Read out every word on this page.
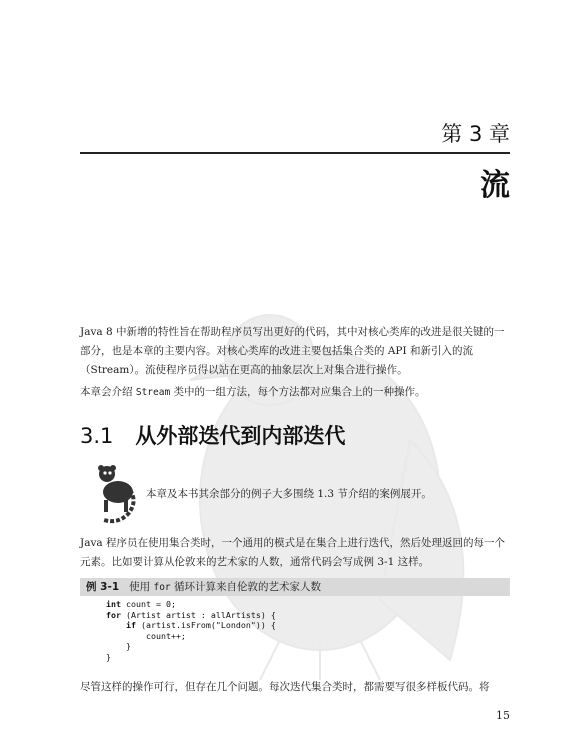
第 3 章
流

Java 8 中新增的特性旨在帮助程序员写出更好的代码，其中对核心类库的改进是很关键的一部分，也是本章的主要内容。对核心类库的改进主要包括集合类的 API 和新引入的流（Stream）。流使程序员得以站在更高的抽象层次上对集合进行操作。

本章会介绍 Stream 类中的一组方法，每个方法都对应集合上的一种操作。

3.1 从外部迭代到内部迭代

本章及本书其余部分的例子大多围绕 1.3 节介绍的案例展开。

Java 程序员在使用集合类时，一个通用的模式是在集合上进行迭代，然后处理返回的每一个元素。比如要计算从伦敦来的艺术家的人数，通常代码会写成例 3-1 这样。

例 3-1 使用 for 循环计算来自伦敦的艺术家人数
int count = 0;
for (Artist artist : allArtists) {
if (artist.isFrom("London")) {
count++;
}
}

尽管这样的操作可行，但存在几个问题。每次迭代集合类时，都需要写很多样板代码。将

15
